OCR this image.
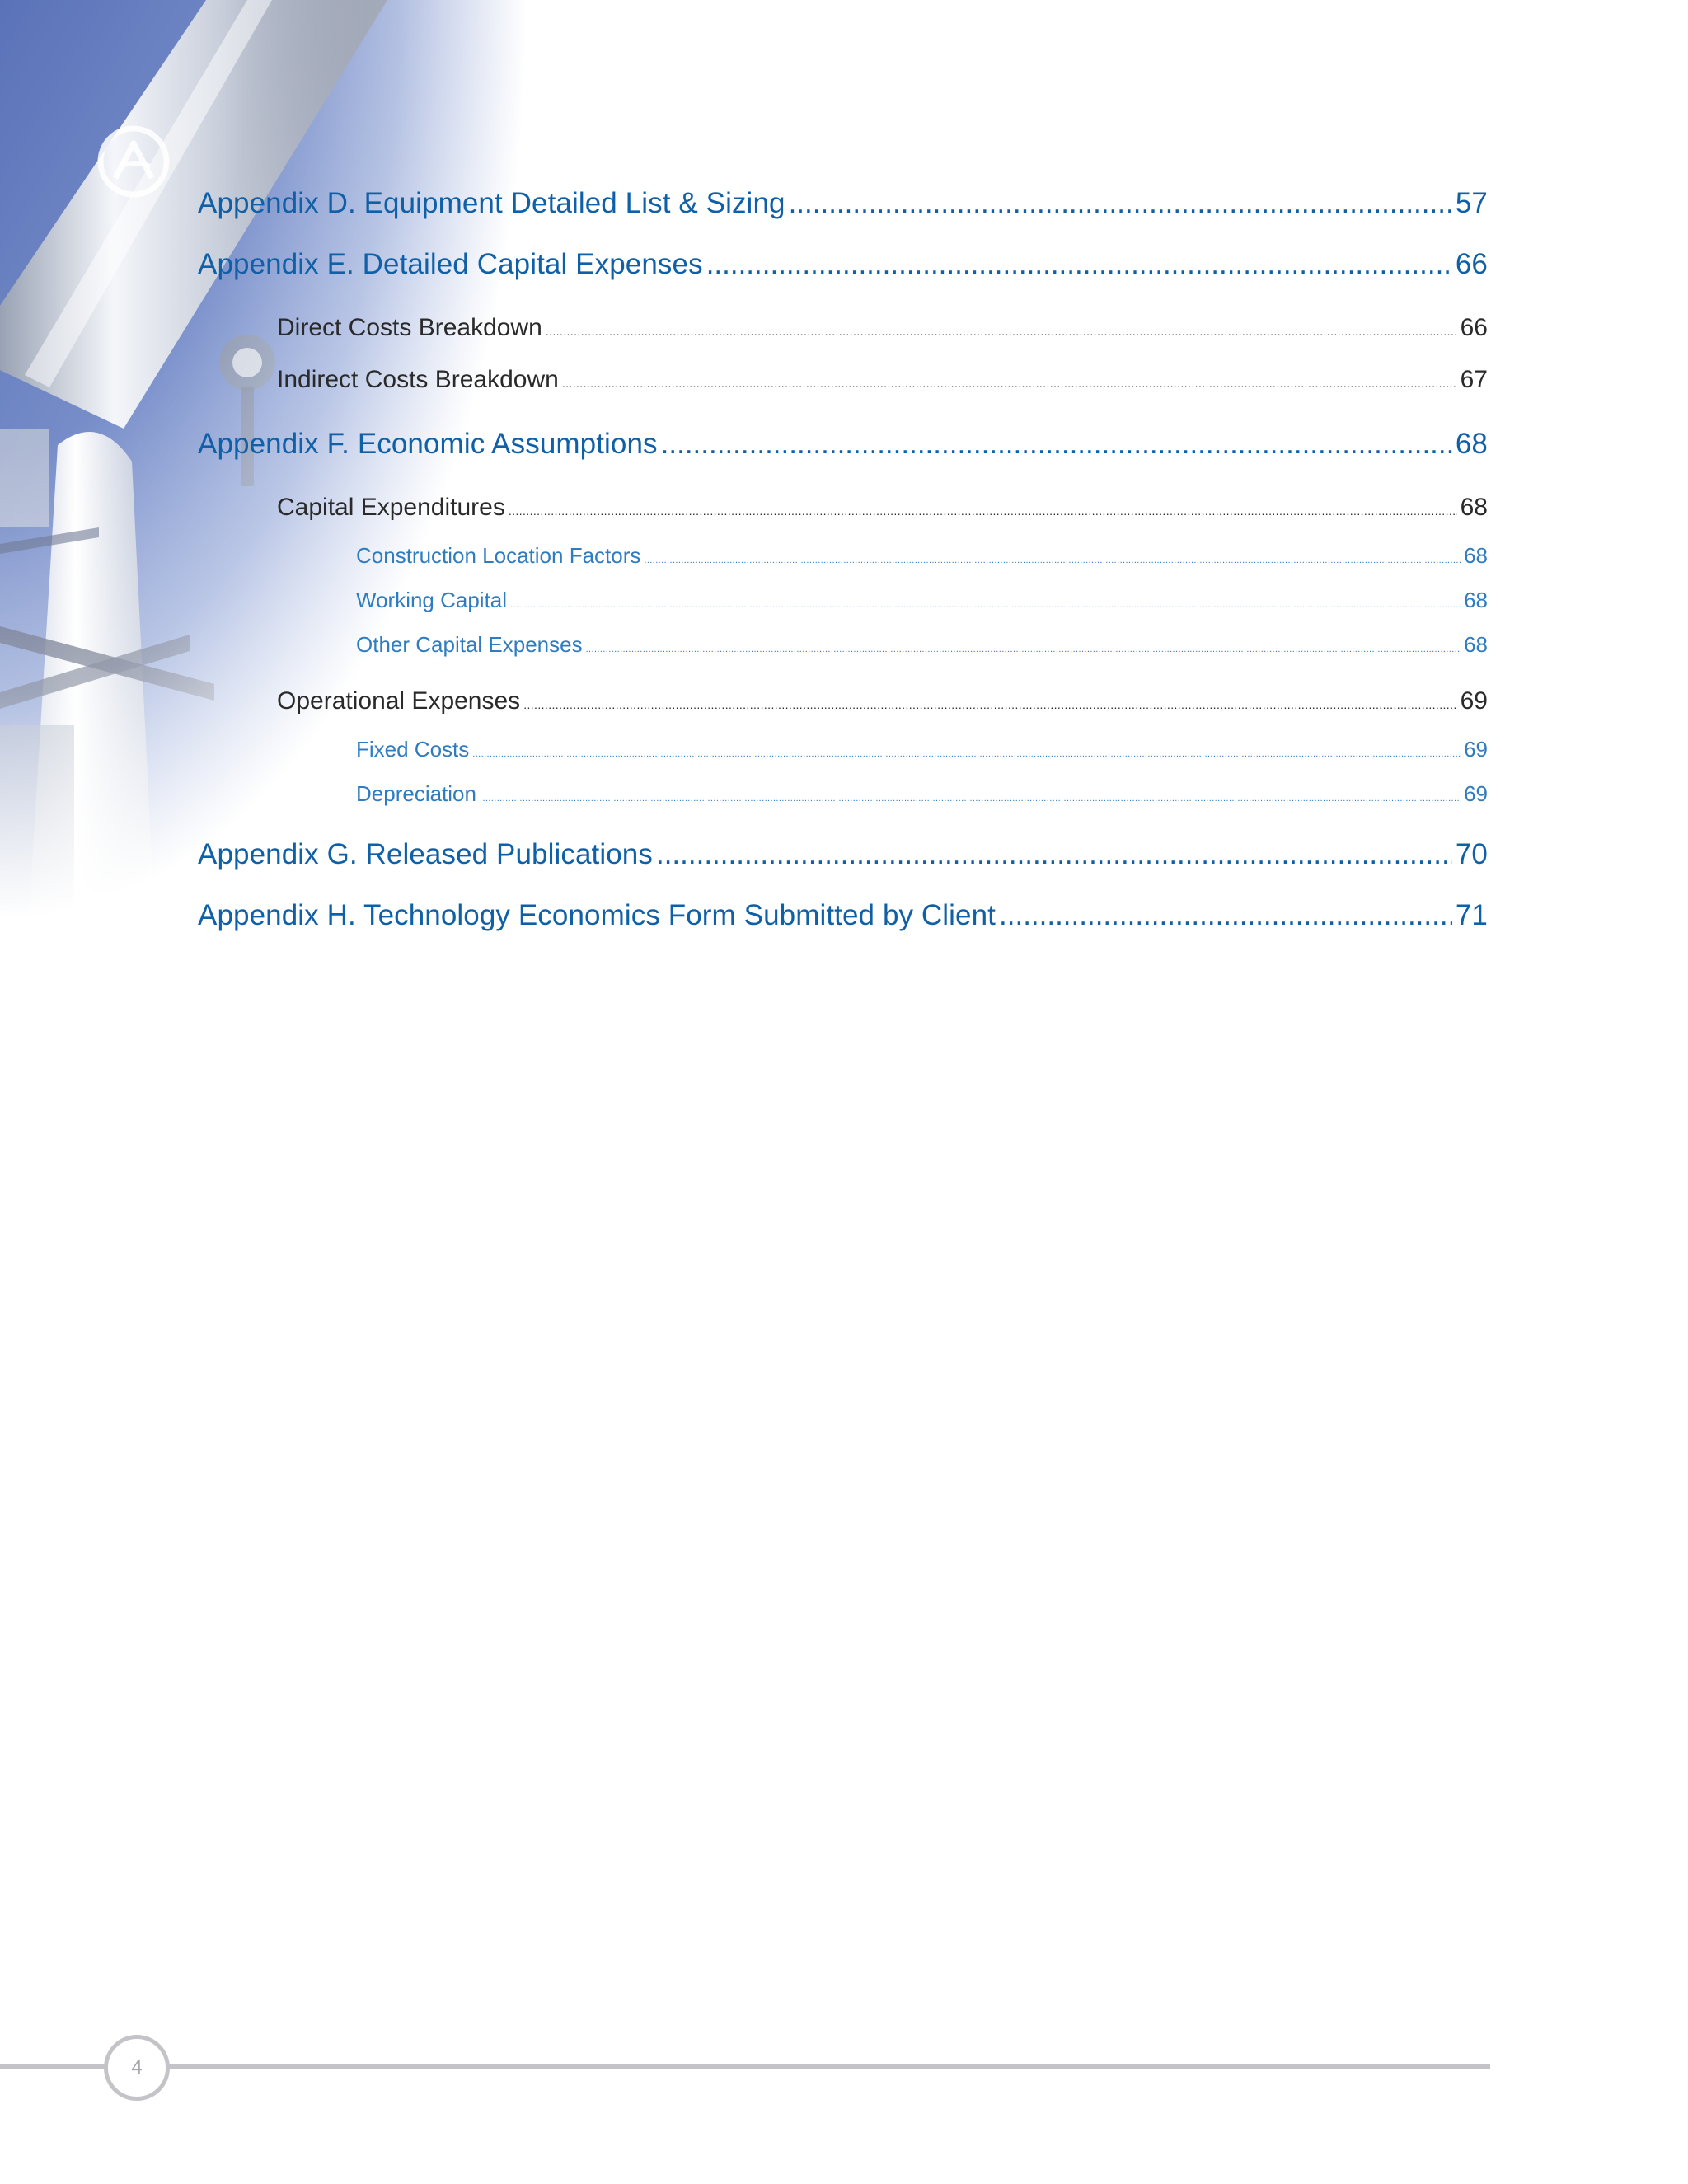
Appendix D. Equipment Detailed List & Sizing .....	57
Appendix E. Detailed Capital Expenses .....	66
Direct Costs Breakdown .....	66
Indirect Costs Breakdown .....	67
Appendix F. Economic Assumptions .....	68
Capital Expenditures .....	68
Construction Location Factors .....	68
Working Capital .....	68
Other Capital Expenses .....	68
Operational Expenses .....	69
Fixed Costs .....	69
Depreciation .....	69
Appendix G. Released Publications .....	70
Appendix H. Technology Economics Form Submitted by Client .....	71
4
